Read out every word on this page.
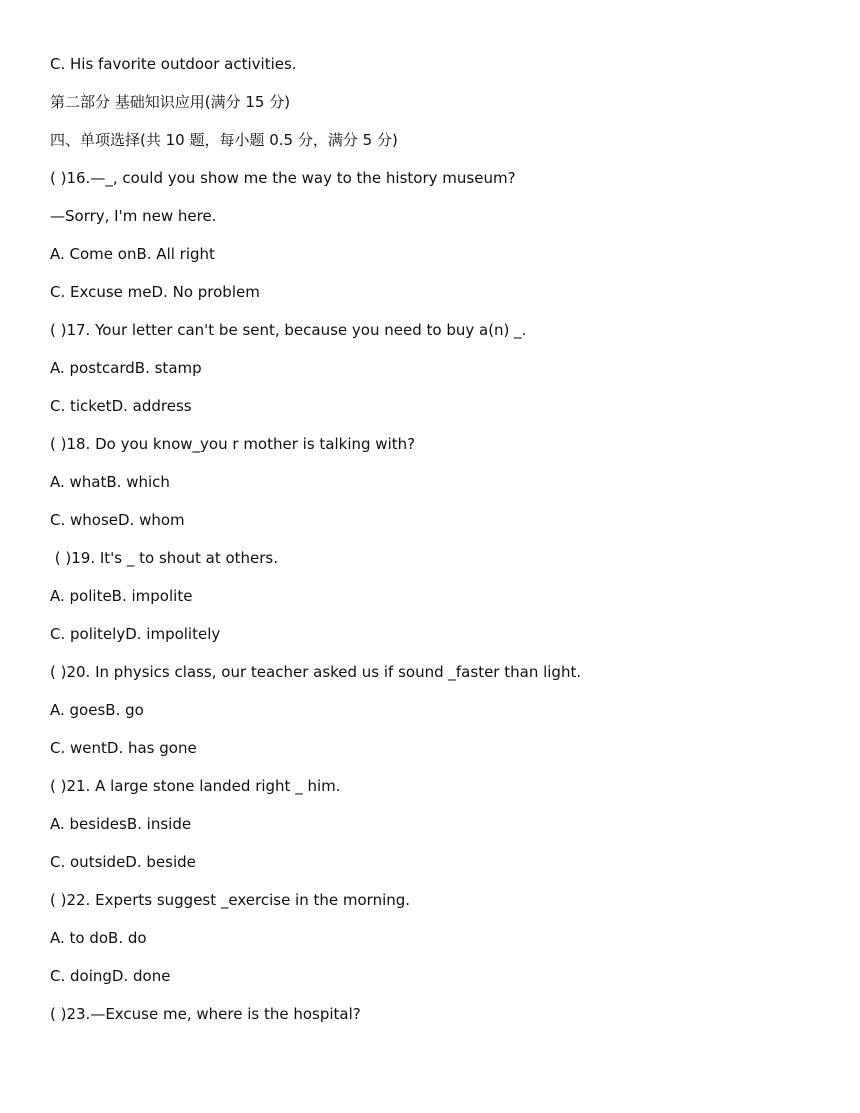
C. His favorite outdoor activities.
第二部分 基础知识应用(满分 15 分)
四、单项选择(共 10 题，每小题 0.5 分，满分 5 分)
( )16.—_, could you show me the way to the history museum?
—Sorry, I'm new here.
A. Come onB. All right
C. Excuse meD. No problem
( )17. Your letter can't be sent, because you need to buy a(n) _.
A. postcardB. stamp
C. ticketD. address
( )18. Do you know_you r mother is talking with?
A. whatB. which
C. whoseD. whom
( )19. It's _ to shout at others.
A. politeB. impolite
C. politelyD. impolitely
( )20. In physics class, our teacher asked us if sound _faster than light.
A. goesB. go
C. wentD. has gone
( )21. A large stone landed right _ him.
A. besidesB. inside
C. outsideD. beside
( )22. Experts suggest _exercise in the morning.
A. to doB. do
C. doingD. done
( )23.—Excuse me, where is the hospital?
